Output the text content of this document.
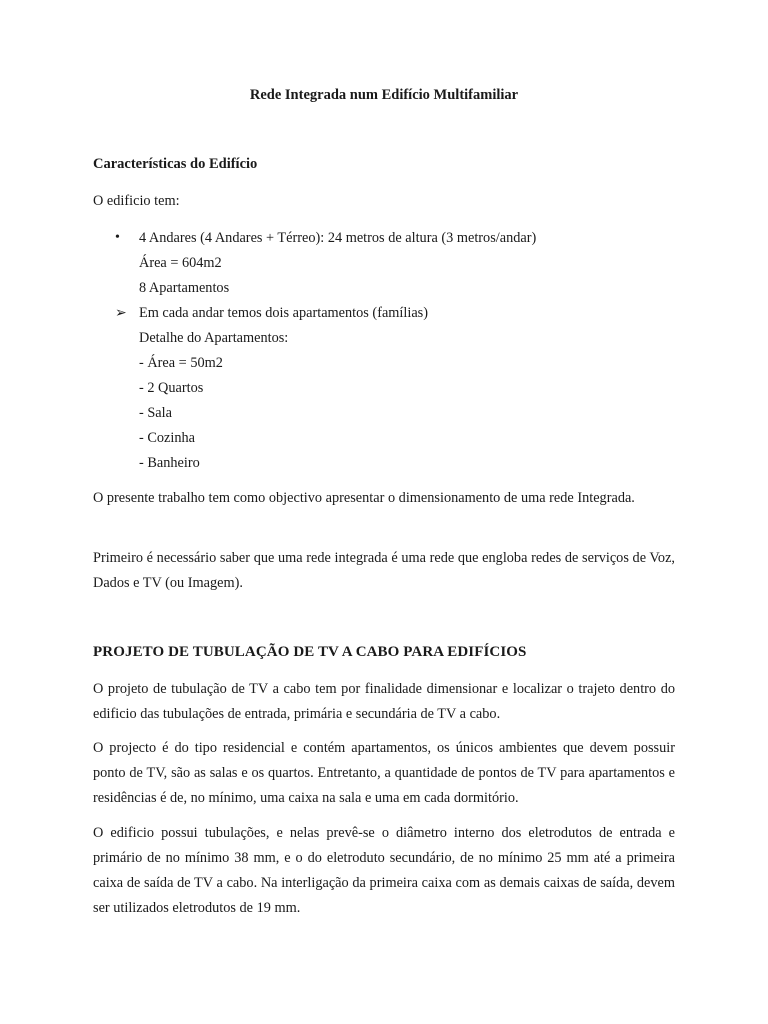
Rede Integrada num Edifício Multifamiliar
Características do Edifício
O edificio tem:
• 4 Andares (4 Andares + Térreo): 24 metros de altura (3 metros/andar)
Área = 604m2
8 Apartamentos
➢ Em cada andar temos dois apartamentos (famílias)
Detalhe do Apartamentos:
- Área = 50m2
- 2 Quartos
- Sala
- Cozinha
- Banheiro
O presente trabalho tem como objectivo apresentar o dimensionamento de uma rede Integrada.
Primeiro é necessário saber que uma rede integrada é uma rede que engloba redes de serviços de Voz, Dados e TV (ou Imagem).
PROJETO DE TUBULAÇÃO DE TV A CABO PARA EDIFÍCIOS
O projeto de tubulação de TV a cabo tem por finalidade dimensionar e localizar o trajeto dentro do edificio das tubulações de entrada, primária e secundária de TV a cabo.
O projecto é do tipo residencial e contém apartamentos, os únicos ambientes que devem possuir ponto de TV, são as salas e os quartos. Entretanto, a quantidade de pontos de TV para apartamentos e residências é de, no mínimo, uma caixa na sala e uma em cada dormitório.
O edificio possui tubulações, e nelas prevê-se o diâmetro interno dos eletrodutos de entrada e primário de no mínimo 38 mm, e o do eletroduto secundário, de no mínimo 25 mm até a primeira caixa de saída de TV a cabo. Na interligação da primeira caixa com as demais caixas de saída, devem ser utilizados eletrodutos de 19 mm.
